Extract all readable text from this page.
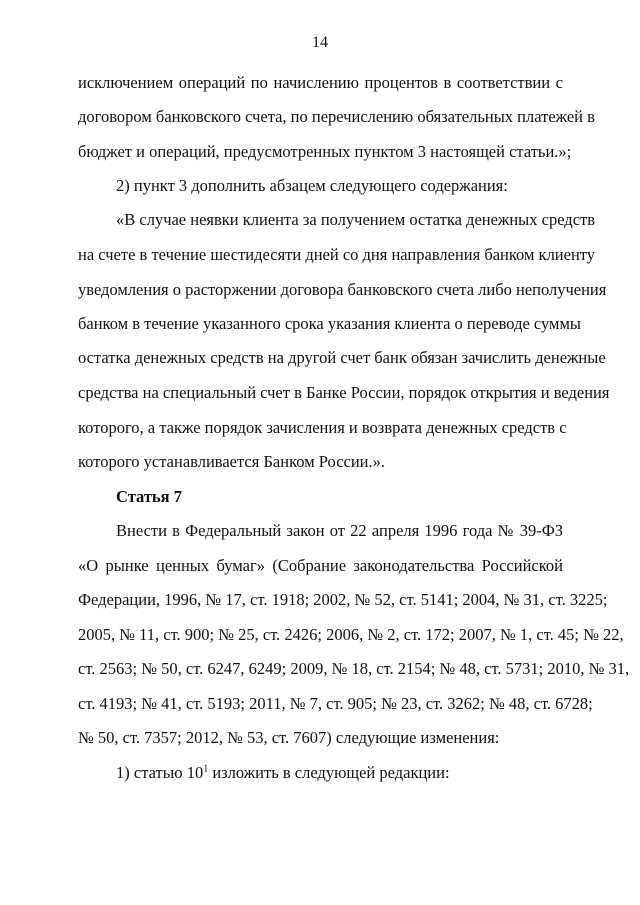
14
исключением операций по начислению процентов в соответствии с
договором банковского счета, по перечислению обязательных платежей в
бюджет и операций, предусмотренных пунктом 3 настоящей статьи.»;
2) пункт 3 дополнить абзацем следующего содержания:
«В случае неявки клиента за получением остатка денежных средств
на счете в течение шестидесяти дней со дня направления банком клиенту
уведомления о расторжении договора банковского счета либо неполучения
банком в течение указанного срока указания клиента о переводе суммы
остатка денежных средств на другой счет банк обязан зачислить денежные
средства на специальный счет в Банке России, порядок открытия и ведения
которого, а также порядок зачисления и возврата денежных средств с
которого устанавливается Банком России.».
Статья 7
Внести в Федеральный закон от 22 апреля 1996 года № 39-ФЗ
«О рынке ценных бумаг» (Собрание законодательства Российской
Федерации, 1996, № 17, ст. 1918; 2002, № 52, ст. 5141; 2004, № 31, ст. 3225;
2005, № 11, ст. 900; № 25, ст. 2426; 2006, № 2, ст. 172; 2007, № 1, ст. 45; № 22,
ст. 2563; № 50, ст. 6247, 6249; 2009, № 18, ст. 2154; № 48, ст. 5731; 2010, № 31,
ст. 4193; № 41, ст. 5193; 2011, № 7, ст. 905; № 23, ст. 3262; № 48, ст. 6728;
№ 50, ст. 7357; 2012, № 53, ст. 7607) следующие изменения:
1) статью $10^1$ изложить в следующей редакции:
